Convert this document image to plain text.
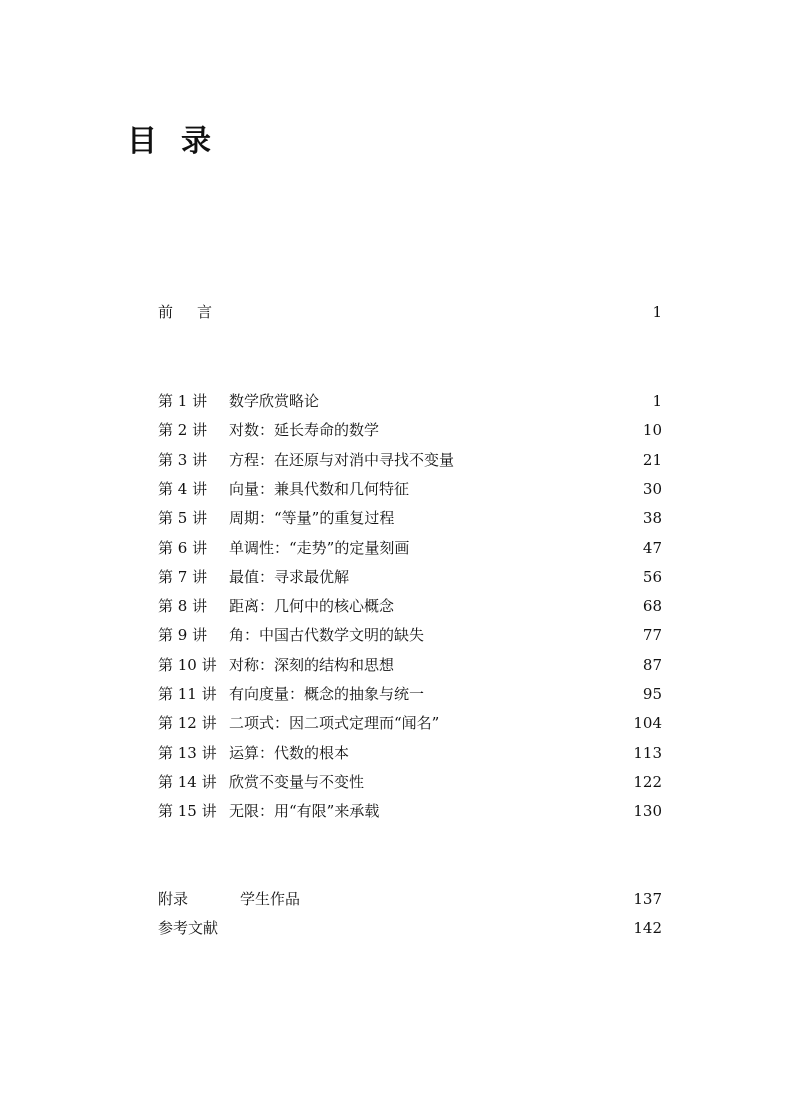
目录
前言	1
第 1 讲 数学欣赏略论	1
第 2 讲 对数：延长寿命的数学	10
第 3 讲 方程：在还原与对消中寻找不变量	21
第 4 讲 向量：兼具代数和几何特征	30
第 5 讲 周期：“等量”的重复过程	38
第 6 讲 单调性：“走势”的定量刻画	47
第 7 讲 最值：寻求最优解	56
第 8 讲 距离：几何中的核心概念	68
第 9 讲 角：中国古代数学文明的缺失	77
第 10 讲 对称：深刻的结构和思想	87
第 11 讲 有向度量：概念的抽象与统一	95
第 12 讲 二项式：因二项式定理而“闻名”	104
第 13 讲 运算：代数的根本	113
第 14 讲 欣赏不变量与不变性	122
第 15 讲 无限：用“有限”来承载	130
附录	学生作品	137
参考文献	142
